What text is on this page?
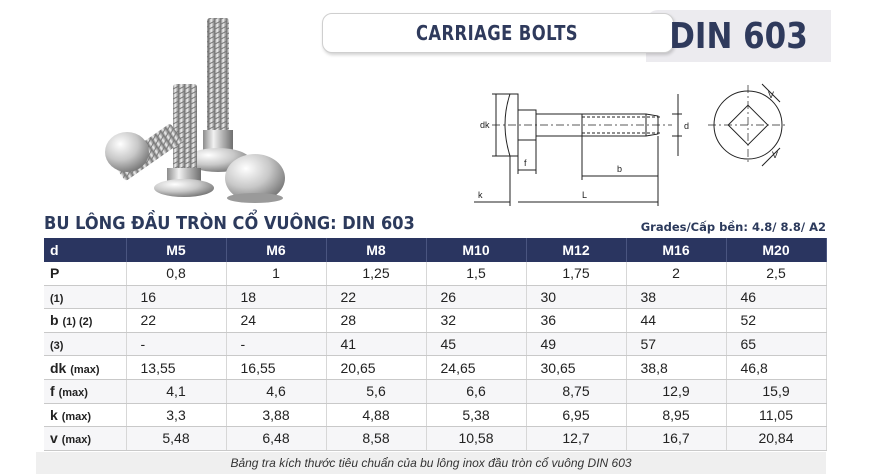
CARRIAGE BOLTS	DIN 603
dk	d
k
f
b
L
V
V
BU LÔNG ĐẦU TRÒN CỔ VUÔNG: DIN 603	Grades/Cấp bền: 4.8/ 8.8/ A2
d	M5	M6	M8	M10	M12	M16	M20
P	0,8	1	1,25	1,5	1,75	2	2,5
(1)	16	18	22	26	30	38	46
b (1) (2)	22	24	28	32	36	44	52
(3)	-	-	41	45	49	57	65
dk (max)	13,55	16,55	20,65	24,65	30,65	38,8	46,8
f (max)	4,1	4,6	5,6	6,6	8,75	12,9	15,9
k (max)	3,3	3,88	4,88	5,38	6,95	8,95	11,05
v (max)	5,48	6,48	8,58	10,58	12,7	16,7	20,84
Bảng tra kích thước tiêu chuẩn của bu lông inox đầu tròn cổ vuông DIN 603
